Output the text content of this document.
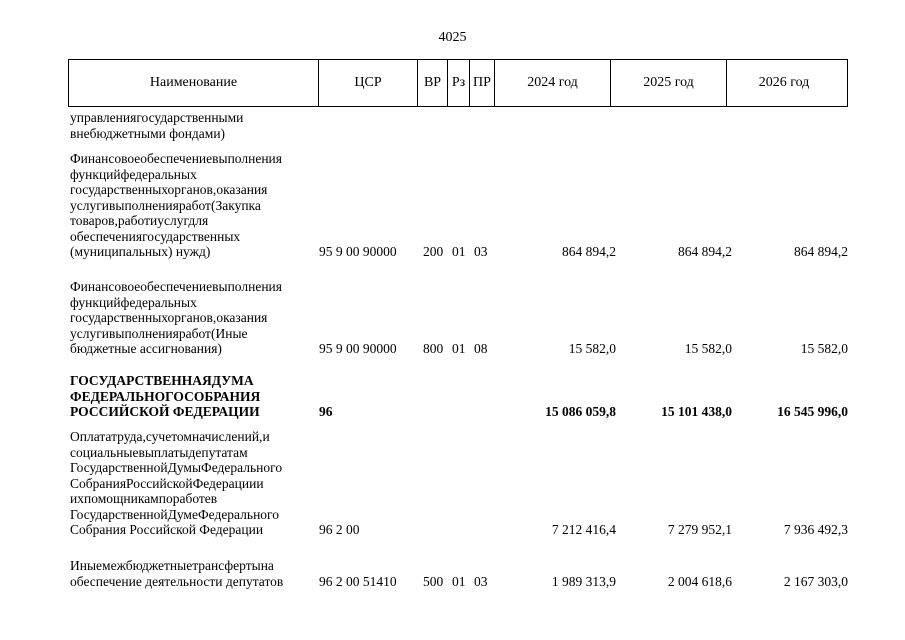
4025
Наименование	ЦСР	ВР Рз ПР	2024 год	2025 год	2026 год
управлениягосударственными
внебюджетными фондами)
Финансовоеобеспечениевыполнения
функцийфедеральных
государственныхорганов,оказания
услугивыполненияработ(Закупка
товаров,работиуслугдля
обеспечениягосударственных
(муниципальных) нужд)	95 9 00 90000 200 01 03	864 894,2	864 894,2	864 894,2
Финансовоеобеспечениевыполнения
функцийфедеральных
государственныхорганов,оказания
услугивыполненияработ(Иные
бюджетные ассигнования)	95 9 00 90000 800 01 08	15 582,0	15 582,0	15 582,0
ГОСУДАРСТВЕННАЯДУМА
ФЕДЕРАЛЬНОГОСОБРАНИЯ
РОССИЙСКОЙ ФЕДЕРАЦИИ	96	15 086 059,8	15 101 438,0	16 545 996,0
Оплататруда,сучетомначислений,и
социальныевыплатыдепутатам
ГосударственнойДумыФедерального
СобранияРоссийскойФедерациии
ихпомощникампоработев
ГосударственнойДумеФедерального
Собрания Российской Федерации	96 2 00	7 212 416,4	7 279 952,1	7 936 492,3
Иныемежбюджетныетрансфертына
обеспечение деятельности депутатов	96 2 00 51410 500 01 03	1 989 313,9	2 004 618,6	2 167 303,0
